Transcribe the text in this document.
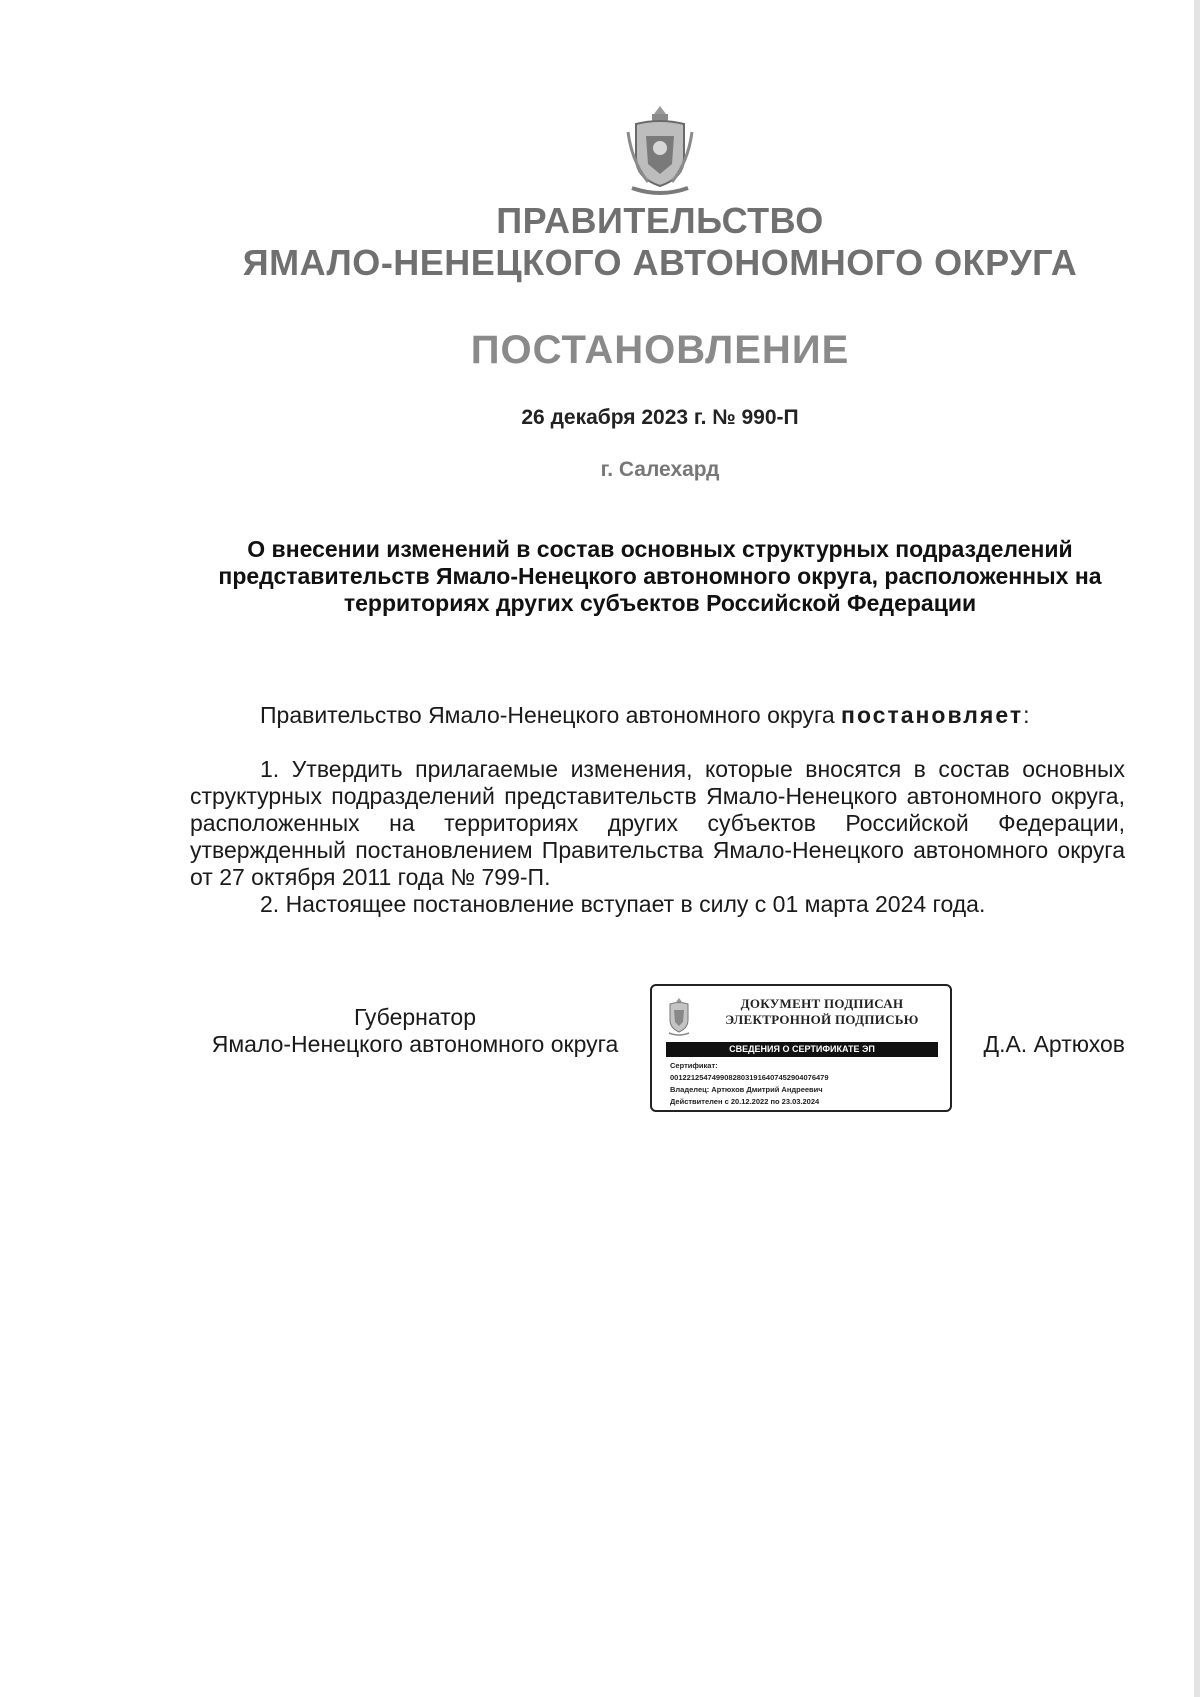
ПРАВИТЕЛЬСТВО
ЯМАЛО-НЕНЕЦКОГО АВТОНОМНОГО ОКРУГА
ПОСТАНОВЛЕНИЕ
26 декабря 2023 г. № 990-П
г. Салехард
О внесении изменений в состав основных структурных подразделений представительств Ямало-Ненецкого автономного округа, расположенных на территориях других субъектов Российской Федерации
Правительство Ямало-Ненецкого автономного округа постановляет:

1. Утвердить прилагаемые изменения, которые вносятся в состав основных структурных подразделений представительств Ямало-Ненецкого автономного округа, расположенных на территориях других субъектов Российской Федерации, утвержденный постановлением Правительства Ямало-Ненецкого автономного округа от 27 октября 2011 года № 799-П.

2. Настоящее постановление вступает в силу с 01 марта 2024 года.

Губернатор
Ямало-Ненецкого автономного округа
ДОКУМЕНТ ПОДПИСАН
ЭЛЕКТРОННОЙ ПОДПИСЬЮ
СВЕДЕНИЯ О СЕРТИФИКАТЕ ЭП
Сертификат:
00122125474990828031916407452904076479
Владелец: Артюхов Дмитрий Андреевич
Действителен с 20.12.2022 по 23.03.2024
Д.А. Артюхов
